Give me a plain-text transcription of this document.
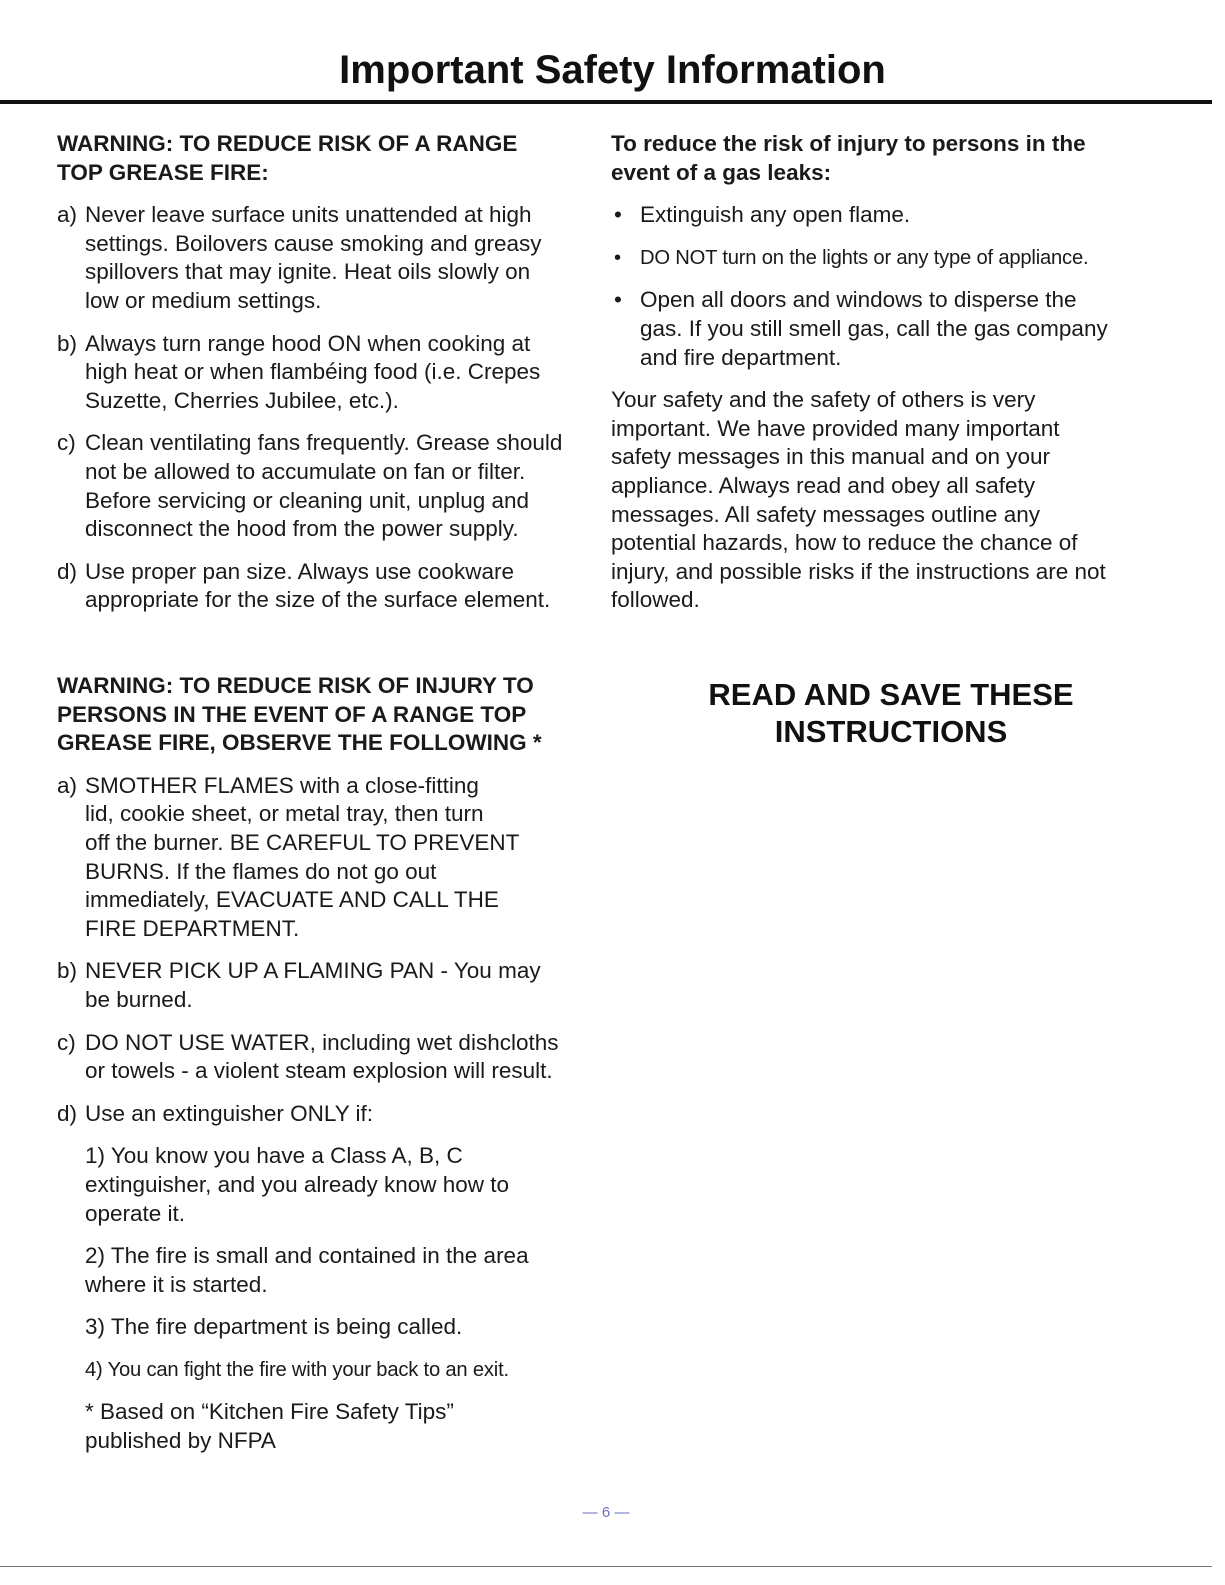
Important Safety Information

WARNING: TO REDUCE RISK OF A RANGE
TOP GREASE FIRE:

a) Never leave surface units unattended at high
settings. Boilovers cause smoking and greasy
spillovers that may ignite. Heat oils slowly on
low or medium settings.
b) Always turn range hood ON when cooking at
high heat or when flambéing food (i.e. Crepes
Suzette, Cherries Jubilee, etc.).
c) Clean ventilating fans frequently. Grease should
not be allowed to accumulate on fan or filter.
Before servicing or cleaning unit, unplug and
disconnect the hood from the power supply.
d) Use proper pan size. Always use cookware
appropriate for the size of the surface element.

WARNING: TO REDUCE RISK OF INJURY TO
PERSONS IN THE EVENT OF A RANGE TOP
GREASE FIRE, OBSERVE THE FOLLOWING *

a) SMOTHER FLAMES with a close-fitting
lid, cookie sheet, or metal tray, then turn
off the burner. BE CAREFUL TO PREVENT
BURNS. If the flames do not go out
immediately, EVACUATE AND CALL THE
FIRE DEPARTMENT.
b) NEVER PICK UP A FLAMING PAN - You may
be burned.
c) DO NOT USE WATER, including wet dishcloths
or towels - a violent steam explosion will result.
d) Use an extinguisher ONLY if:
1) You know you have a Class A, B, C
extinguisher, and you already know how to
operate it.
2) The fire is small and contained in the area
where it is started.
3) The fire department is being called.
4) You can fight the fire with your back to an exit.
* Based on “Kitchen Fire Safety Tips”
published by NFPA

To reduce the risk of injury to persons in the
event of a gas leaks:

• Extinguish any open flame.
• DO NOT turn on the lights or any type of appliance.
• Open all doors and windows to disperse the
gas. If you still smell gas, call the gas company
and fire department.

Your safety and the safety of others is very
important. We have provided many important
safety messages in this manual and on your
appliance. Always read and obey all safety
messages. All safety messages outline any
potential hazards, how to reduce the chance of
injury, and possible risks if the instructions are not
followed.

READ AND SAVE THESE
INSTRUCTIONS

— 6 —
